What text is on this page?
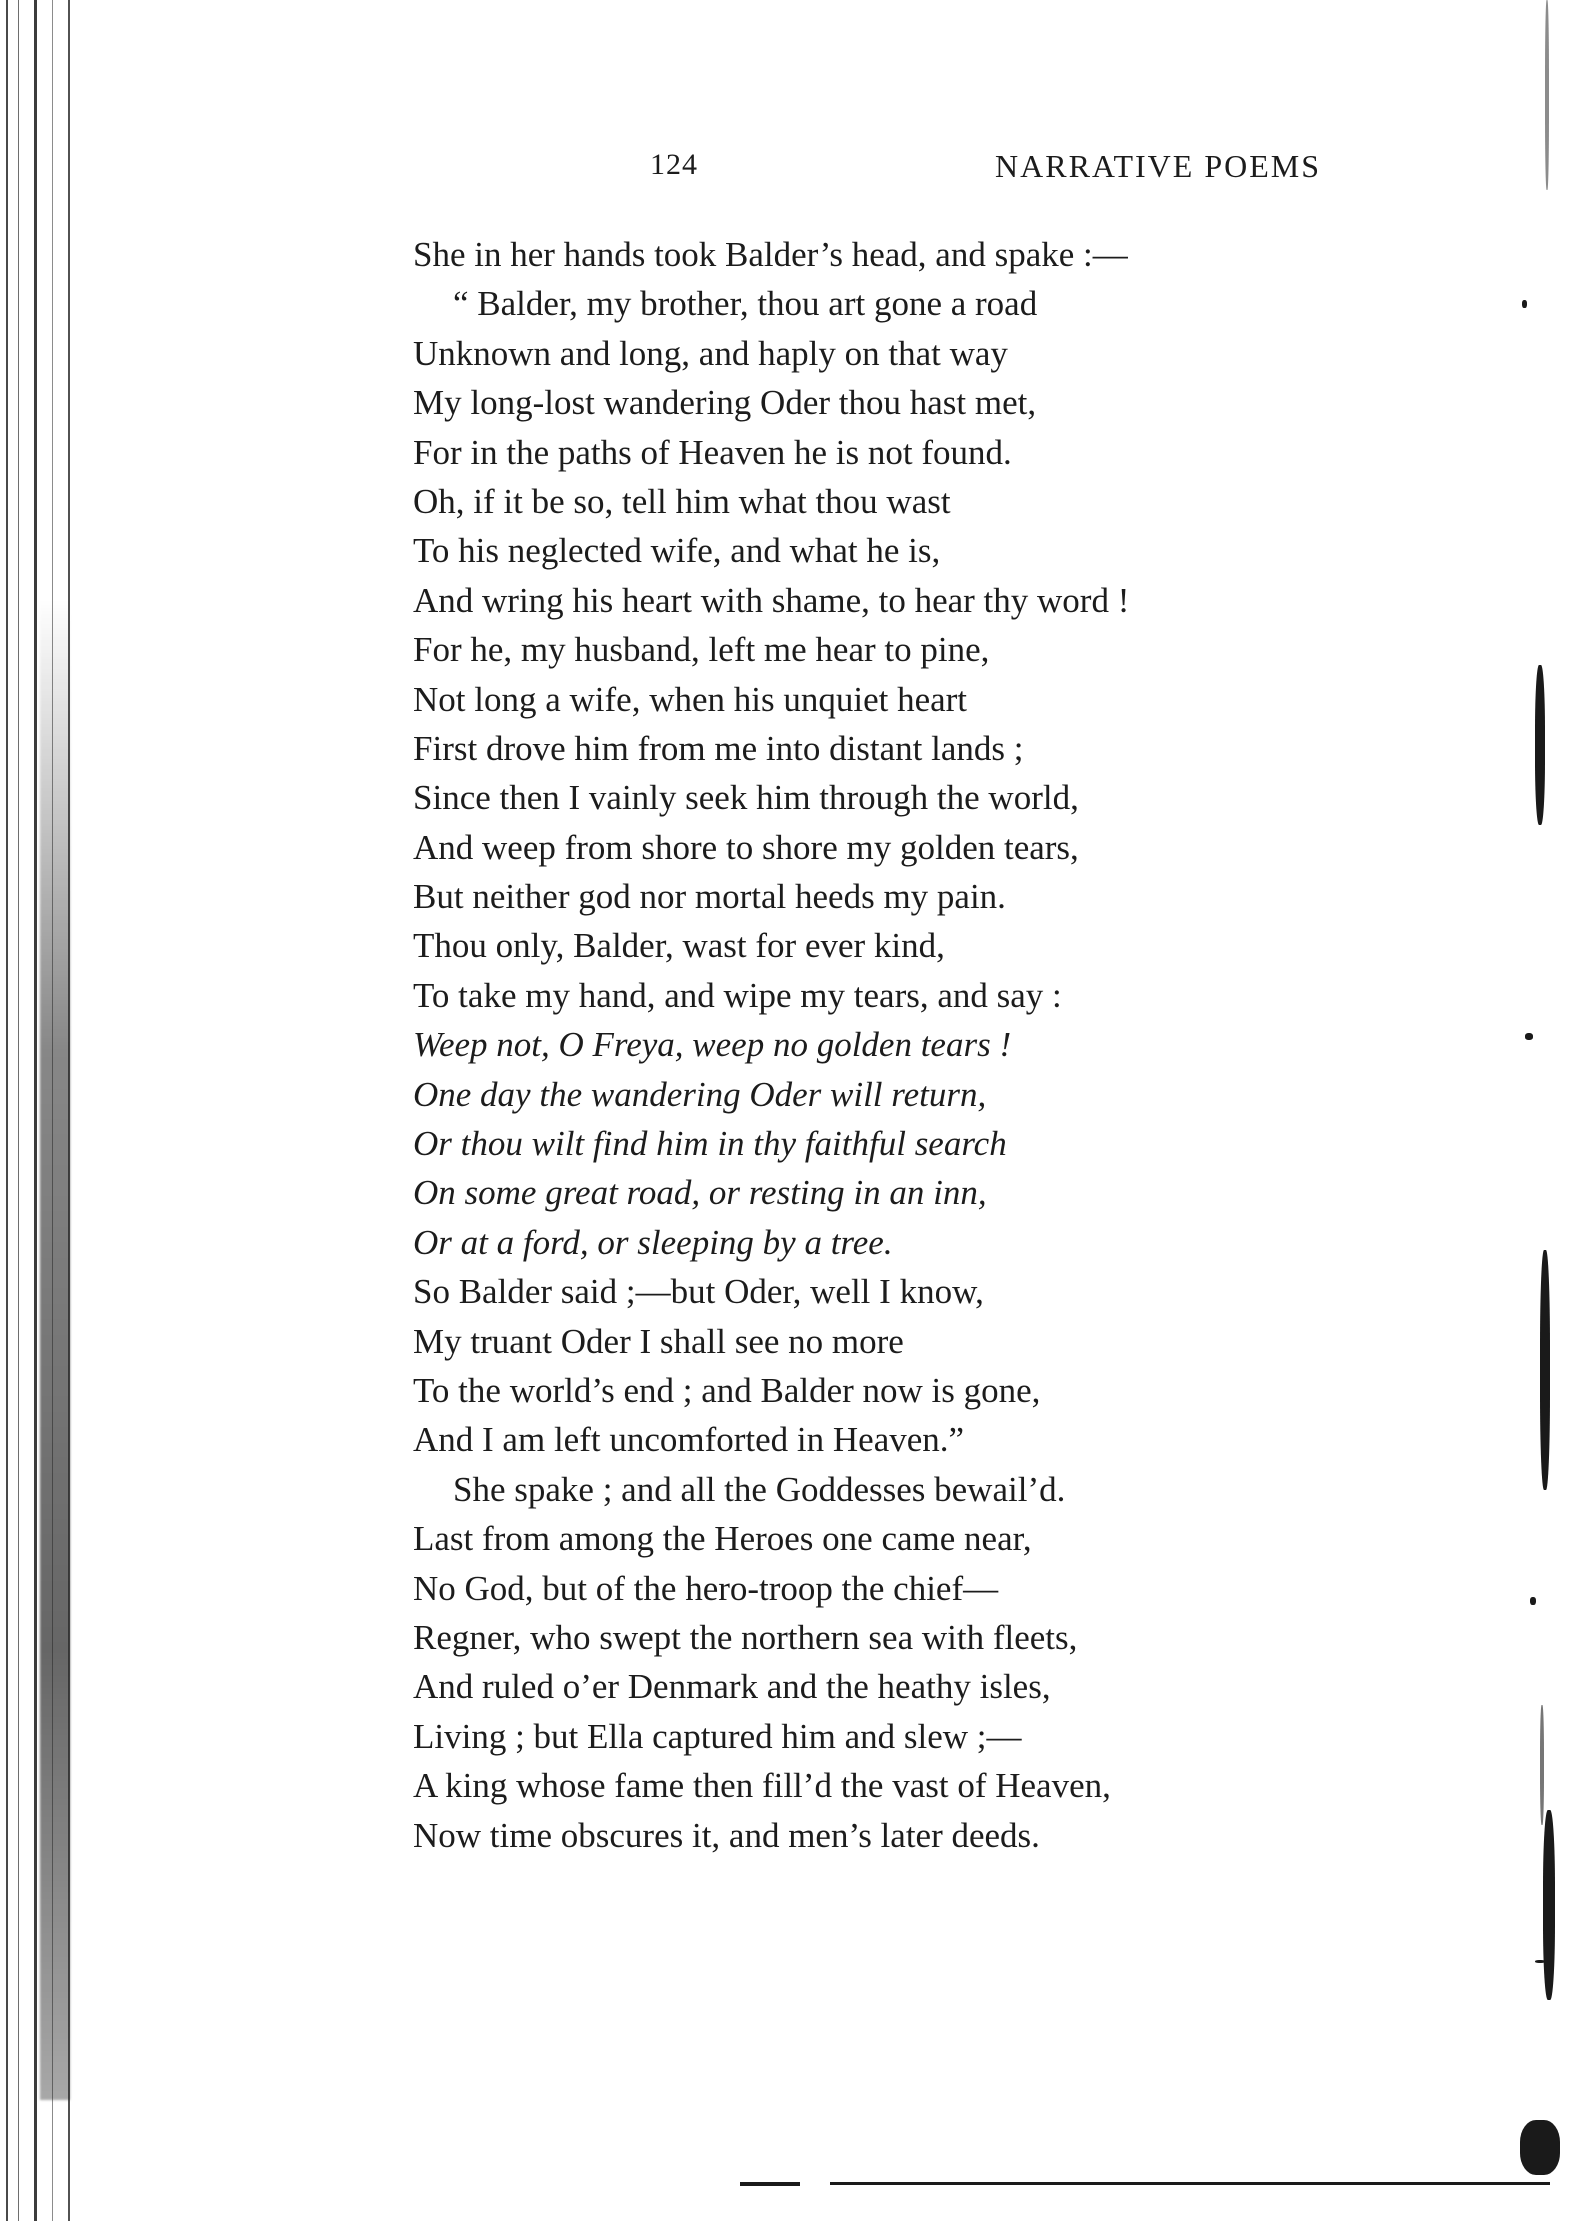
124	NARRATIVE POEMS
She in her hands took Balder’s head, and spake :—
“ Balder, my brother, thou art gone a road
Unknown and long, and haply on that way
My long-lost wandering Oder thou hast met,
For in the paths of Heaven he is not found.
Oh, if it be so, tell him what thou wast
To his neglected wife, and what he is,
And wring his heart with shame, to hear thy word !
For he, my husband, left me hear to pine,
Not long a wife, when his unquiet heart
First drove him from me into distant lands ;
Since then I vainly seek him through the world,
And weep from shore to shore my golden tears,
But neither god nor mortal heeds my pain.
Thou only, Balder, wast for ever kind,
To take my hand, and wipe my tears, and say :
Weep not, O Freya, weep no golden tears !
One day the wandering Oder will return,
Or thou wilt find him in thy faithful search
On some great road, or resting in an inn,
Or at a ford, or sleeping by a tree.
So Balder said ;—but Oder, well I know,
My truant Oder I shall see no more
To the world’s end ; and Balder now is gone,
And I am left uncomforted in Heaven.”
She spake ; and all the Goddesses bewail’d.
Last from among the Heroes one came near,
No God, but of the hero-troop the chief—
Regner, who swept the northern sea with fleets,
And ruled o’er Denmark and the heathy isles,
Living ; but Ella captured him and slew ;—
A king whose fame then fill’d the vast of Heaven,
Now time obscures it, and men’s later deeds.
